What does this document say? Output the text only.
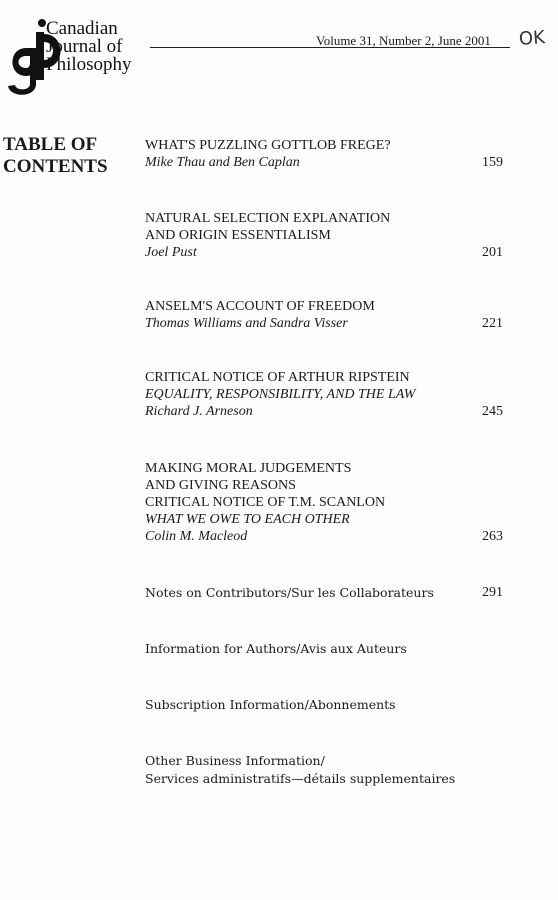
Canadian
Journal of
Philosophy
Volume 31, Number 2, June 2001 OK
TABLE OF
CONTENTS
WHAT'S PUZZLING GOTTLOB FREGE?
Mike Thau and Ben Caplan	159
NATURAL SELECTION EXPLANATION
AND ORIGIN ESSENTIALISM
Joel Pust	201
ANSELM'S ACCOUNT OF FREEDOM
Thomas Williams and Sandra Visser	221
CRITICAL NOTICE OF ARTHUR RIPSTEIN
EQUALITY, RESPONSIBILITY, AND THE LAW
Richard J. Arneson	245
MAKING MORAL JUDGEMENTS
AND GIVING REASONS
CRITICAL NOTICE OF T.M. SCANLON
WHAT WE OWE TO EACH OTHER
Colin M. Macleod	263
Notes on Contributors/Sur les Collaborateurs	291
Information for Authors/Avis aux Auteurs
Subscription Information/Abonnements
Other Business Information/
Services administratifs—détails supplementaires
